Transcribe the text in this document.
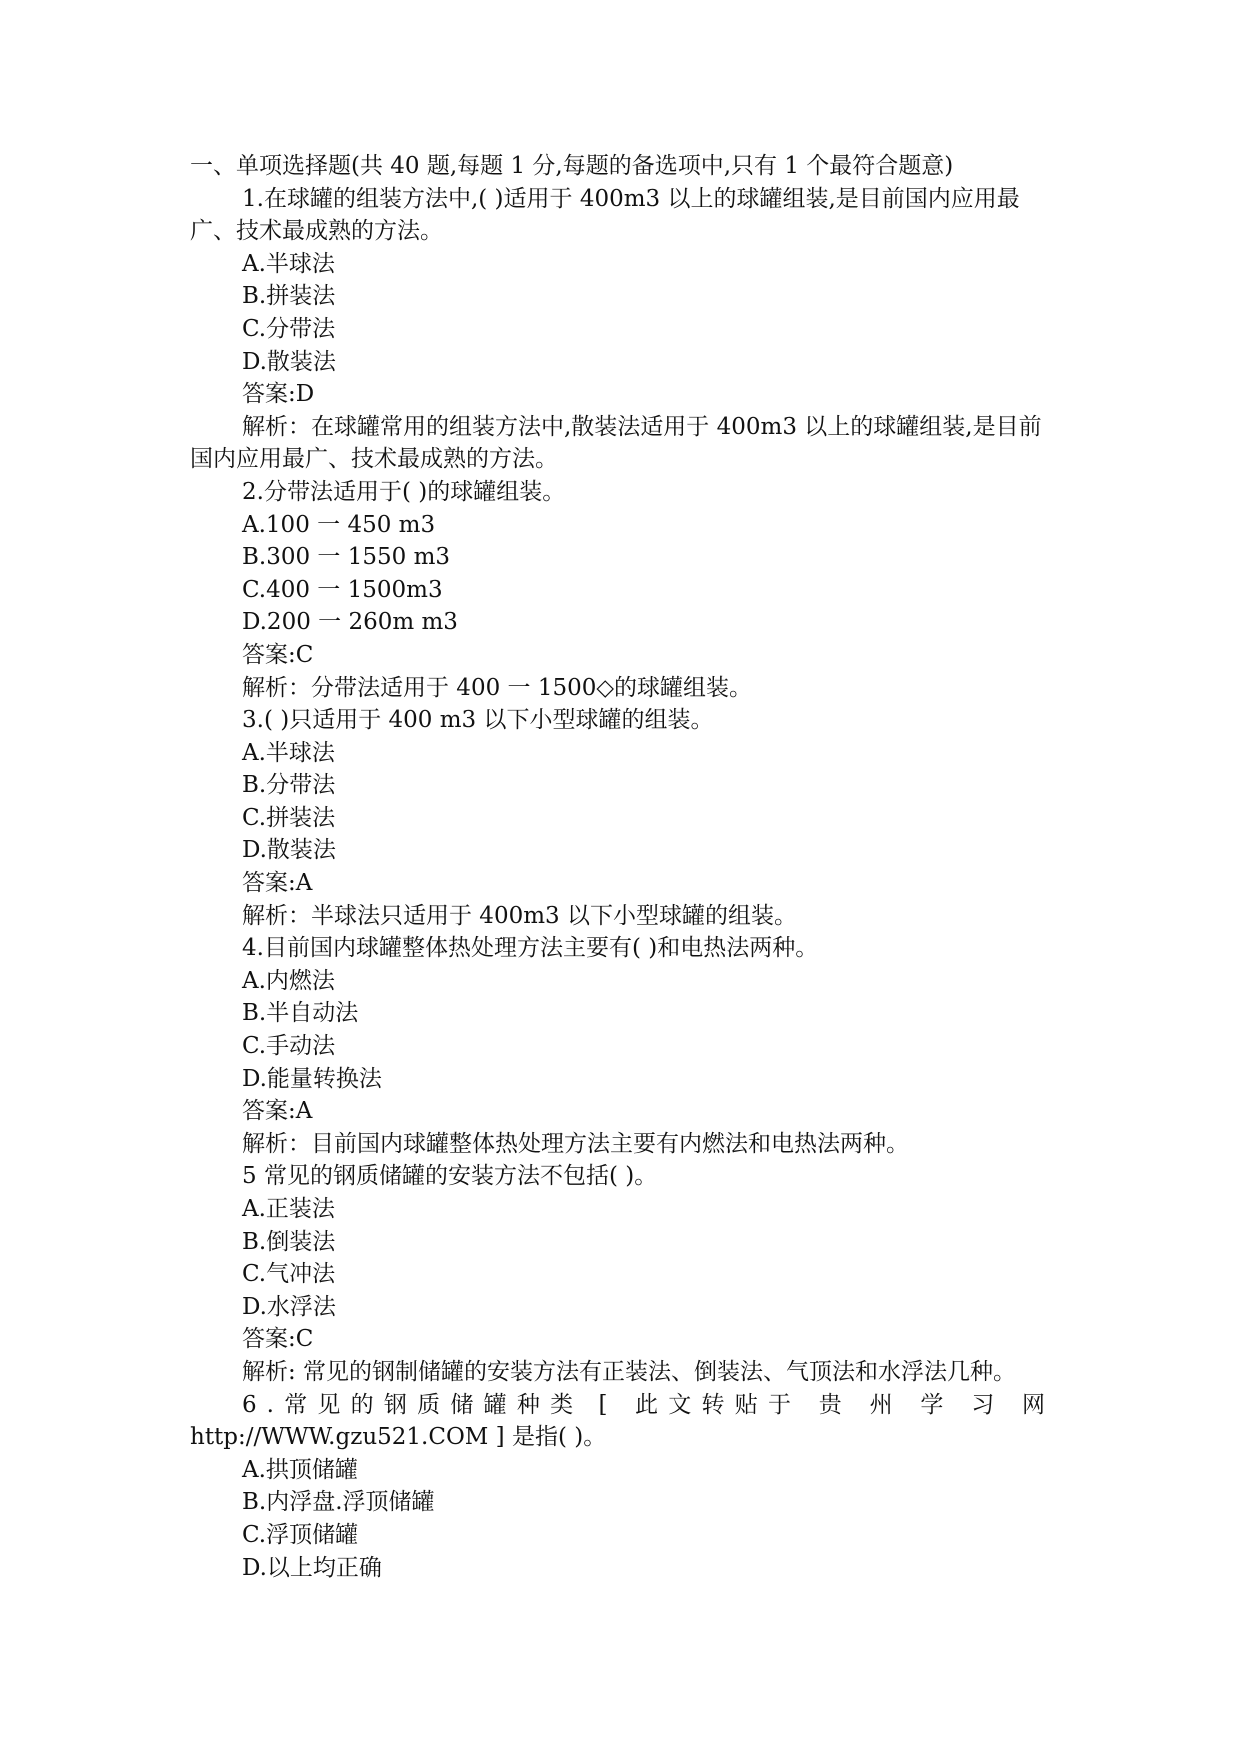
一、单项选择题(共 40 题,每题 1 分,每题的备选项中,只有 1 个最符合题意)

1.在球罐的组装方法中,( )适用于 400m3 以上的球罐组装,是目前国内应用最广、技术最成熟的方法。

A.半球法

B.拼装法

C.分带法

D.散装法

答案:D

解析：在球罐常用的组装方法中,散装法适用于 400m3 以上的球罐组装,是目前国内应用最广、技术最成熟的方法。

2.分带法适用于( )的球罐组装。

A.100 一 450 m3

B.300 一 1550 m3

C.400 一 1500m3

D.200 一 260m m3

答案:C

解析：分带法适用于 400 一 1500◇的球罐组装。

3.( )只适用于 400 m3 以下小型球罐的组装。

A.半球法

B.分带法

C.拼装法

D.散装法

答案:A

解析：半球法只适用于 400m3 以下小型球罐的组装。

4.目前国内球罐整体热处理方法主要有( )和电热法两种。

A.内燃法

B.半自动法

C.手动法

D.能量转换法

答案:A

解析：目前国内球罐整体热处理方法主要有内燃法和电热法两种。

5 常见的钢质储罐的安装方法不包括( )。

A.正装法

B.倒装法

C.气冲法

D.水浮法

答案:C

解析: 常见的钢制储罐的安装方法有正装法、倒装法、气顶法和水浮法几种。

6.常见的钢质储罐种类 [ 此文转贴于 贵 州 学 习 网 http://WWW.gzu521.COM ] 是指( )。

A.拱顶储罐

B.内浮盘.浮顶储罐

C.浮顶储罐

D.以上均正确
